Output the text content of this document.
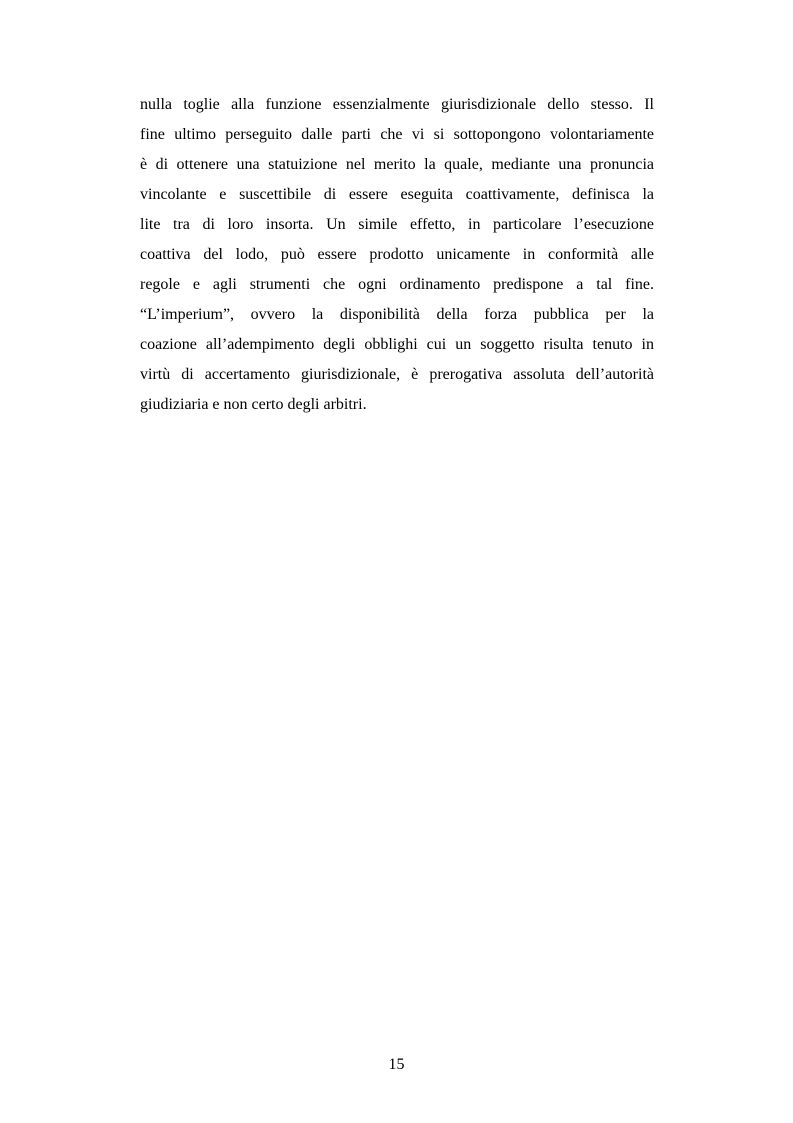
nulla toglie alla funzione essenzialmente giurisdizionale dello stesso. Il
fine ultimo perseguito dalle parti che vi si sottopongono volontariamente
è di ottenere una statuizione nel merito la quale, mediante una pronuncia
vincolante e suscettibile di essere eseguita coattivamente, definisca la
lite tra di loro insorta. Un simile effetto, in particolare l’esecuzione
coattiva del lodo, può essere prodotto unicamente in conformità alle
regole e agli strumenti che ogni ordinamento predispone a tal fine.
“L’imperium”, ovvero la disponibilità della forza pubblica per la
coazione all’adempimento degli obblighi cui un soggetto risulta tenuto in
virtù di accertamento giurisdizionale, è prerogativa assoluta dell’autorità
giudiziaria e non certo degli arbitri.
15
